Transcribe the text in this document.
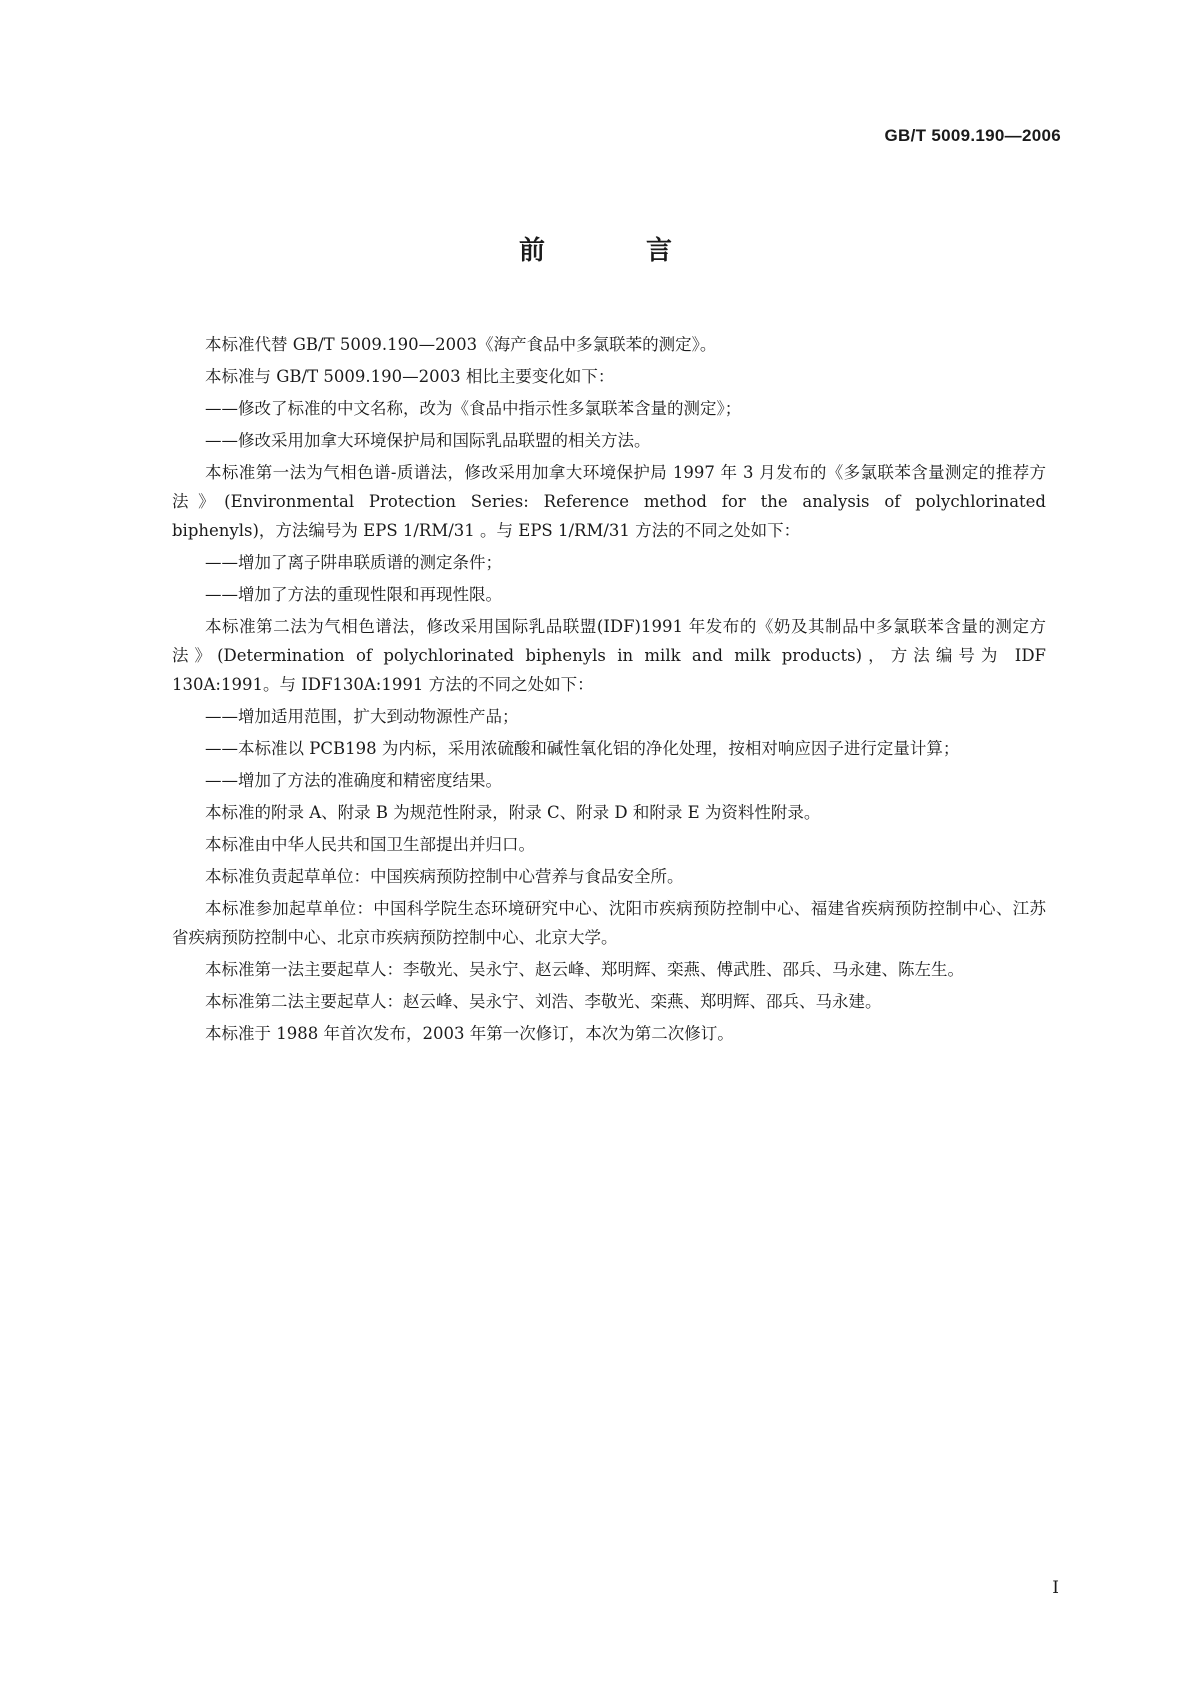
GB/T 5009.190—2006
前 言

本标准代替 GB/T 5009.190—2003《海产食品中多氯联苯的测定》。

本标准与 GB/T 5009.190—2003 相比主要变化如下：

——修改了标准的中文名称，改为《食品中指示性多氯联苯含量的测定》；

——修改采用加拿大环境保护局和国际乳品联盟的相关方法。

本标准第一法为气相色谱-质谱法，修改采用加拿大环境保护局 1997 年 3 月发布的《多氯联苯含量测定的推荐方法》(Environmental Protection Series: Reference method for the analysis of polychlorinated biphenyls)，方法编号为 EPS 1/RM/31 。与 EPS 1/RM/31 方法的不同之处如下：

——增加了离子阱串联质谱的测定条件；

——增加了方法的重现性限和再现性限。

本标准第二法为气相色谱法，修改采用国际乳品联盟(IDF)1991 年发布的《奶及其制品中多氯联苯含量的测定方法》(Determination of polychlorinated biphenyls in milk and milk products)，方法编号为 IDF 130A:1991。与 IDF130A:1991 方法的不同之处如下：

——增加适用范围，扩大到动物源性产品；

——本标准以 PCB198 为内标，采用浓硫酸和碱性氧化铝的净化处理，按相对响应因子进行定量计算；

——增加了方法的准确度和精密度结果。

本标准的附录 A、附录 B 为规范性附录，附录 C、附录 D 和附录 E 为资料性附录。

本标准由中华人民共和国卫生部提出并归口。

本标准负责起草单位：中国疾病预防控制中心营养与食品安全所。

本标准参加起草单位：中国科学院生态环境研究中心、沈阳市疾病预防控制中心、福建省疾病预防控制中心、江苏省疾病预防控制中心、北京市疾病预防控制中心、北京大学。

本标准第一法主要起草人：李敬光、吴永宁、赵云峰、郑明辉、栾燕、傅武胜、邵兵、马永建、陈左生。

本标准第二法主要起草人：赵云峰、吴永宁、刘浩、李敬光、栾燕、郑明辉、邵兵、马永建。

本标准于 1988 年首次发布，2003 年第一次修订，本次为第二次修订。

I
